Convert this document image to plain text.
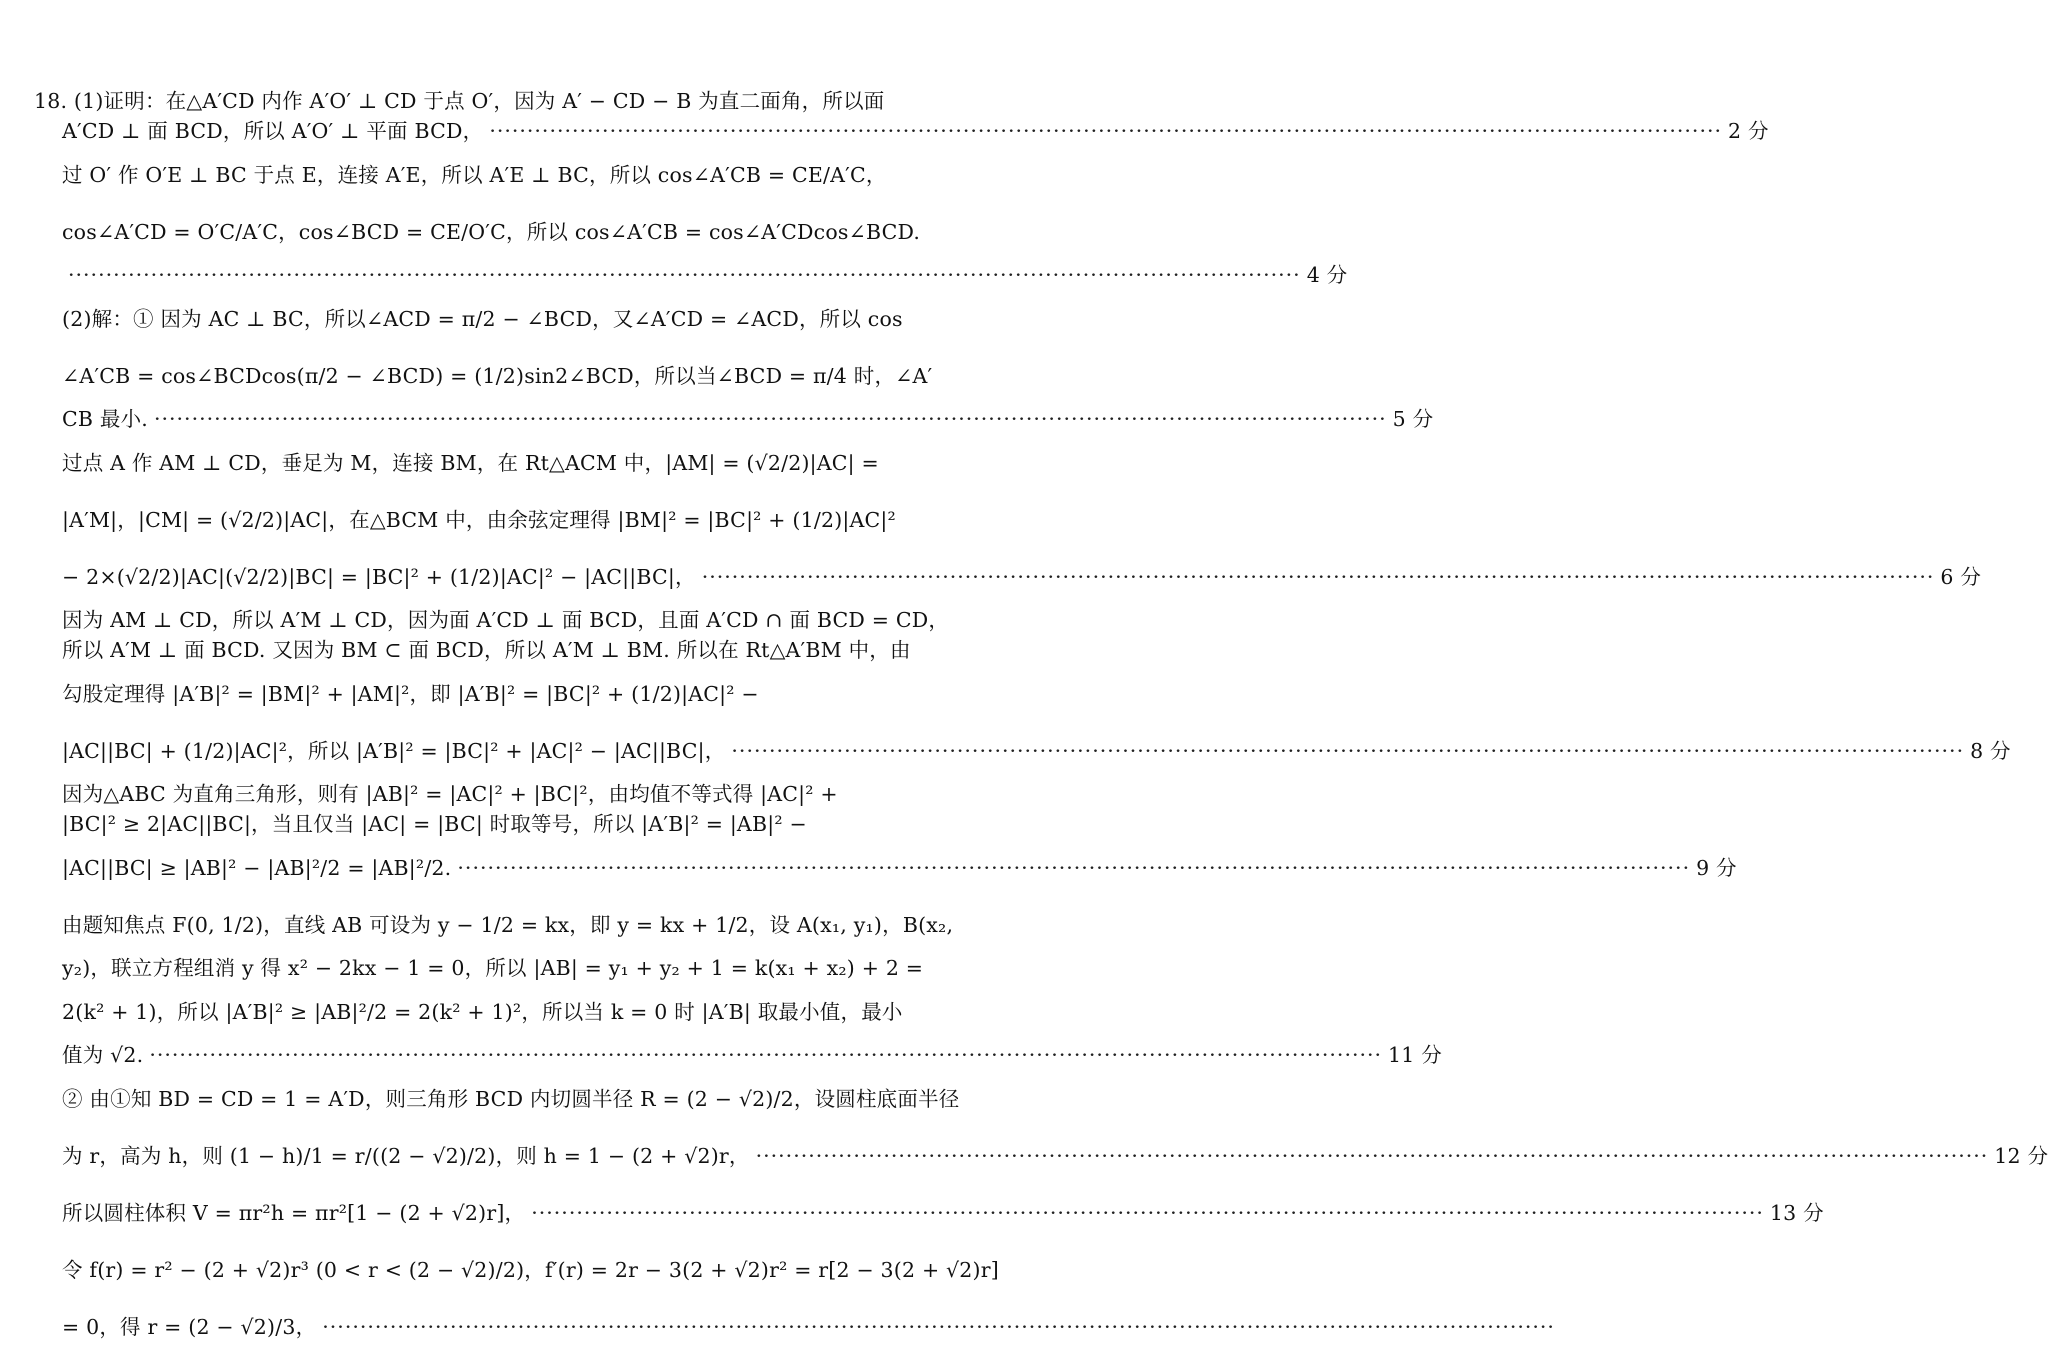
18. (1)证明：在△A′CD 内作 A′O′ ⊥ CD 于点 O′，因为 A′ − CD − B 为直二面角，所以面
A′CD ⊥ 面 BCD，所以 A′O′ ⊥ 平面 BCD， ·····	2 分
过 O′ 作 O′E ⊥ BC 于点 E，连接 A′E，所以 A′E ⊥ BC，所以 cos∠A′CB = CE/A′C，
cos∠A′CD = O′C/A′C，cos∠BCD = CE/O′C，所以 cos∠A′CB = cos∠A′CDcos∠BCD.
·····
4 分
(2)解：① 因为 AC ⊥ BC，所以∠ACD = π/2 − ∠BCD，又∠A′CD = ∠ACD，所以 cos
∠A′CB = cos∠BCDcos(π/2 − ∠BCD) = (1/2)sin2∠BCD，所以当∠BCD = π/4 时，∠A′
CB 最小. ·····	5 分
过点 A 作 AM ⊥ CD，垂足为 M，连接 BM，在 Rt△ACM 中，|AM| = (√2/2)|AC| =
|A′M|，|CM| = (√2/2)|AC|，在△BCM 中，由余弦定理得 |BM|² = |BC|² + (1/2)|AC|²
− 2×(√2/2)|AC|(√2/2)|BC| = |BC|² + (1/2)|AC|² − |AC||BC|， ·····	6 分
因为 AM ⊥ CD，所以 A′M ⊥ CD，因为面 A′CD ⊥ 面 BCD，且面 A′CD ∩ 面 BCD = CD，
所以 A′M ⊥ 面 BCD. 又因为 BM ⊂ 面 BCD，所以 A′M ⊥ BM. 所以在 Rt△A′BM 中，由
勾股定理得 |A′B|² = |BM|² + |AM|²，即 |A′B|² = |BC|² + (1/2)|AC|² −
|AC||BC| + (1/2)|AC|²，所以 |A′B|² = |BC|² + |AC|² − |AC||BC|， ·····	8 分
因为△ABC 为直角三角形，则有 |AB|² = |AC|² + |BC|²，由均值不等式得 |AC|² +
|BC|² ≥ 2|AC||BC|，当且仅当 |AC| = |BC| 时取等号，所以 |A′B|² = |AB|² −
|AC||BC| ≥ |AB|² − |AB|²/2 = |AB|²/2. ·····	9 分
由题知焦点 F(0, 1/2)，直线 AB 可设为 y − 1/2 = kx，即 y = kx + 1/2，设 A(x₁, y₁)，B(x₂,
y₂)，联立方程组消 y 得 x² − 2kx − 1 = 0，所以 |AB| = y₁ + y₂ + 1 = k(x₁ + x₂) + 2 =
2(k² + 1)，所以 |A′B|² ≥ |AB|²/2 = 2(k² + 1)²，所以当 k = 0 时 |A′B| 取最小值，最小
值为 √2. ·····	11 分
② 由①知 BD = CD = 1 = A′D，则三角形 BCD 内切圆半径 R = (2 − √2)/2，设圆柱底面半径
为 r，高为 h，则 (1 − h)/1 = r/((2 − √2)/2)，则 h = 1 − (2 + √2)r， ·····	12 分
所以圆柱体积 V = πr²h = πr²[1 − (2 + √2)r]， ·····	13 分
令 f(r) = r² − (2 + √2)r³ (0 < r < (2 − √2)/2)，f′(r) = 2r − 3(2 + √2)r² = r[2 − 3(2 + √2)r]
= 0，得 r = (2 − √2)/3，
·····
